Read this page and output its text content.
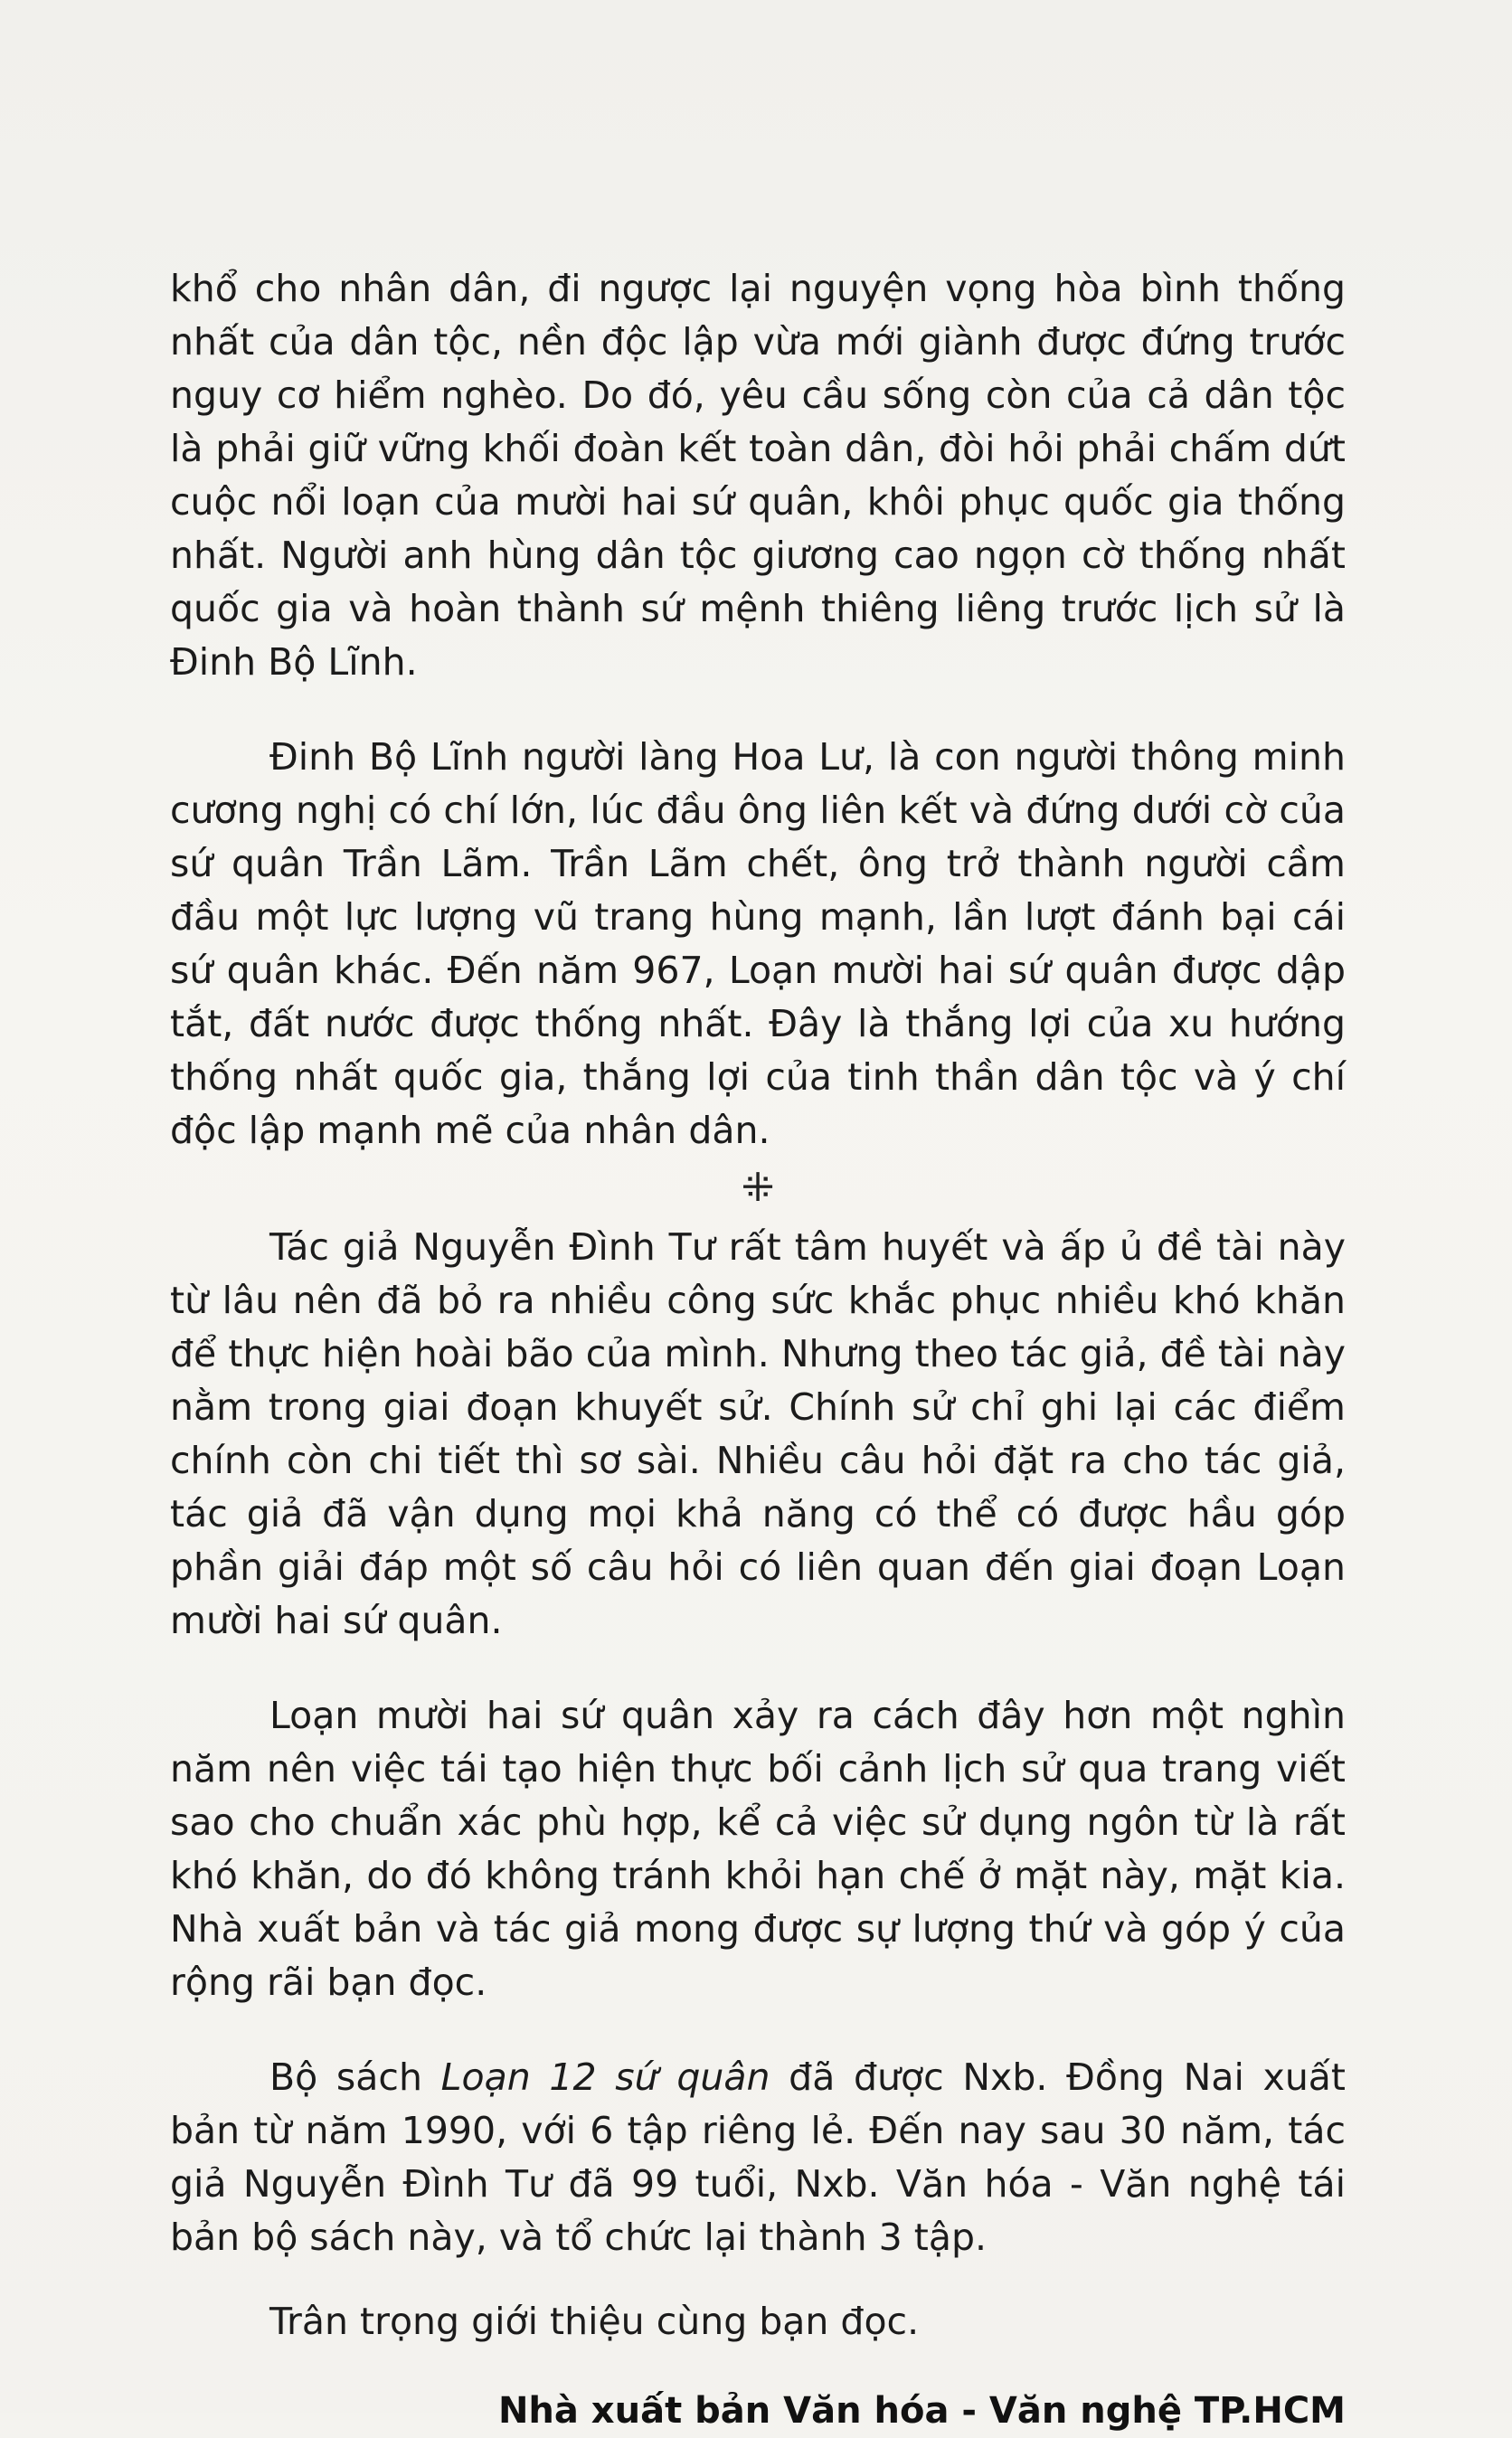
khổ cho nhân dân, đi ngược lại nguyện vọng hòa bình thống nhất của dân tộc, nền độc lập vừa mới giành được đứng trước nguy cơ hiểm nghèo. Do đó, yêu cầu sống còn của cả dân tộc là phải giữ vững khối đoàn kết toàn dân, đòi hỏi phải chấm dứt cuộc nổi loạn của mười hai sứ quân, khôi phục quốc gia thống nhất. Người anh hùng dân tộc giương cao ngọn cờ thống nhất quốc gia và hoàn thành sứ mệnh thiêng liêng trước lịch sử là Đinh Bộ Lĩnh.

Đinh Bộ Lĩnh người làng Hoa Lư, là con người thông minh cương nghị có chí lớn, lúc đầu ông liên kết và đứng dưới cờ của sứ quân Trần Lãm. Trần Lãm chết, ông trở thành người cầm đầu một lực lượng vũ trang hùng mạnh, lần lượt đánh bại cái sứ quân khác. Đến năm 967, Loạn mười hai sứ quân được dập tắt, đất nước được thống nhất. Đây là thắng lợi của xu hướng thống nhất quốc gia, thắng lợi của tinh thần dân tộc và ý chí độc lập mạnh mẽ của nhân dân.

⁜

Tác giả Nguyễn Đình Tư rất tâm huyết và ấp ủ đề tài này từ lâu nên đã bỏ ra nhiều công sức khắc phục nhiều khó khăn để thực hiện hoài bão của mình. Nhưng theo tác giả, đề tài này nằm trong giai đoạn khuyết sử. Chính sử chỉ ghi lại các điểm chính còn chi tiết thì sơ sài. Nhiều câu hỏi đặt ra cho tác giả, tác giả đã vận dụng mọi khả năng có thể có được hầu góp phần giải đáp một số câu hỏi có liên quan đến giai đoạn Loạn mười hai sứ quân.

Loạn mười hai sứ quân xảy ra cách đây hơn một nghìn năm nên việc tái tạo hiện thực bối cảnh lịch sử qua trang viết sao cho chuẩn xác phù hợp, kể cả việc sử dụng ngôn từ là rất khó khăn, do đó không tránh khỏi hạn chế ở mặt này, mặt kia. Nhà xuất bản và tác giả mong được sự lượng thứ và góp ý của rộng rãi bạn đọc.

Bộ sách Loạn 12 sứ quân đã được Nxb. Đồng Nai xuất bản từ năm 1990, với 6 tập riêng lẻ. Đến nay sau 30 năm, tác giả Nguyễn Đình Tư đã 99 tuổi, Nxb. Văn hóa - Văn nghệ tái bản bộ sách này, và tổ chức lại thành 3 tập.

Trân trọng giới thiệu cùng bạn đọc.

Nhà xuất bản Văn hóa - Văn nghệ TP.HCM
